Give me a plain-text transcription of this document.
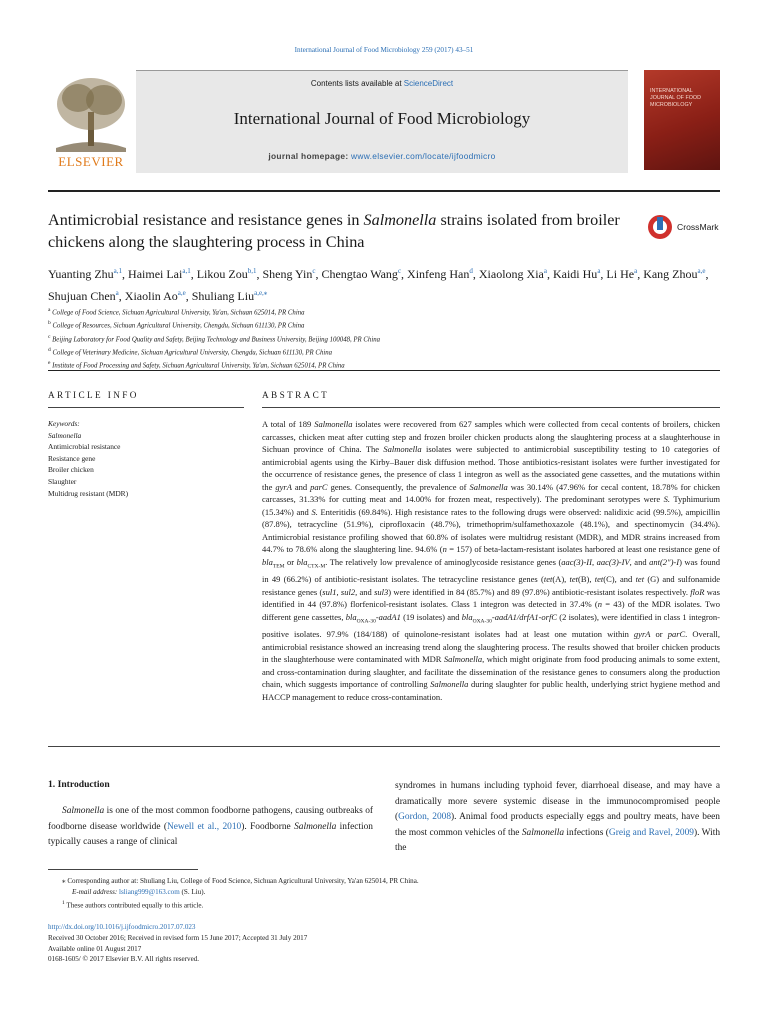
International Journal of Food Microbiology 259 (2017) 43–51
ELSEVIER
Contents lists available at ScienceDirect
International Journal of Food Microbiology
journal homepage: www.elsevier.com/locate/ijfoodmicro
INTERNATIONAL JOURNAL OF FOOD MICROBIOLOGY
Antimicrobial resistance and resistance genes in Salmonella strains isolated from broiler chickens along the slaughtering process in China
CrossMark
Yuanting Zhu$^{a,1}$, Haimei Lai$^{a,1}$, Likou Zou$^{b,1}$, Sheng Yin$^c$, Chengtao Wang$^c$, Xinfeng Han$^d$, Xiaolong Xia$^a$, Kaidi Hu$^a$, Li He$^a$, Kang Zhou$^{a,e}$, Shujuan Chen$^a$, Xiaolin Ao$^{a,e}$, Shuliang Liu$^{a,e,⁎}$
$^a$ College of Food Science, Sichuan Agricultural University, Ya'an, Sichuan 625014, PR China
$^b$ College of Resources, Sichuan Agricultural University, Chengdu, Sichuan 611130, PR China
$^c$ Beijing Laboratory for Food Quality and Safety, Beijing Technology and Business University, Beijing 100048, PR China
$^d$ College of Veterinary Medicine, Sichuan Agricultural University, Chengdu, Sichuan 611130, PR China
$^e$ Institute of Food Processing and Safety, Sichuan Agricultural University, Ya'an, Sichuan 625014, PR China
ARTICLE INFO
Keywords:
Salmonella
Antimicrobial resistance
Resistance gene
Broiler chicken
Slaughter
Multidrug resistant (MDR)
ABSTRACT
A total of 189 Salmonella isolates were recovered from 627 samples which were collected from cecal contents of broilers, chicken carcasses, chicken meat after cutting step and frozen broiler chicken products along the slaughtering process at a slaughterhouse in Sichuan province of China. The Salmonella isolates were subjected to antimicrobial susceptibility testing to 10 categories of antimicrobial agents using the Kirby–Bauer disk diffusion method. Those antibiotics-resistant isolates were further investigated for the occurrence of resistance genes, the presence of class 1 integron as well as the associated gene cassettes, and the mutations within the gyrA and parC genes. Consequently, the prevalence of Salmonella was 30.14% (47.96% for cecal content, 18.78% for chicken carcasses, 31.33% for cutting meat and 14.00% for frozen meat, respectively). The predominant serotypes were S. Typhimurium (15.34%) and S. Enteritidis (69.84%). High resistance rates to the following drugs were observed: nalidixic acid (99.5%), ampicillin (87.8%), tetracycline (51.9%), ciprofloxacin (48.7%), trimethoprim/sulfamethoxazole (48.1%), and spectinomycin (34.4%). Antimicrobial resistance profiling showed that 60.8% of isolates were multidrug resistant (MDR), and MDR strains increased from 44.7% to 78.6% along the slaughtering line. 94.6% (n = 157) of beta-lactam-resistant isolates harbored at least one resistance gene of bla$_{TEM}$ or bla$_{CTX-M}$. The relatively low prevalence of aminoglycoside resistance genes (aac(3)-II, aac(3)-IV, and ant(2″)-I) was found in 49 (66.2%) of antibiotic-resistant isolates. The tetracycline resistance genes (tet(A), tet(B), tet(C), and tet (G) and sulfonamide resistance genes (sul1, sul2, and sul3) were identified in 84 (85.7%) and 89 (97.8%) antibiotic-resistant isolates respectively. floR was identified in 44 (97.8%) florfenicol-resistant isolates. Class 1 integron was detected in 37.4% (n = 43) of the MDR isolates. Two different gene cassettes, bla$_{OXA-30}$-aadA1 (19 isolates) and bla$_{OXA-30}$-aadA1/drfA1-orfC (2 isolates), were identified in class 1 integron-positive isolates. 97.9% (184/188) of quinolone-resistant isolates had at least one mutation within gyrA or parC. Overall, antimicrobial resistance showed an increasing trend along the slaughtering process. The results showed that broiler chicken products in the slaughterhouse were contaminated with MDR Salmonella, which might originate from food producing animals to some extent, and cross-contamination during slaughter, and facilitate the dissemination of the resistance genes to consumers along the production chain, which suggests importance of controlling Salmonella during slaughter for public health, underlying strict hygiene method and HACCP management to reduce cross-contamination.
1. Introduction
Salmonella is one of the most common foodborne pathogens, causing outbreaks of foodborne disease worldwide (Newell et al., 2010). Foodborne Salmonella infection typically causes a range of clinical
syndromes in humans including typhoid fever, diarrhoeal disease, and may have a dramatically more severe systemic disease in the immunocompromised people (Gordon, 2008). Animal food products especially eggs and poultry meats, have been the most common vehicles of the Salmonella infections (Greig and Ravel, 2009). With the
⁎ Corresponding author at: Shuliang Liu, College of Food Science, Sichuan Agricultural University, Ya'an 625014, PR China.
E-mail address: lsliang999@163.com (S. Liu).
$^1$ These authors contributed equally to this article.
http://dx.doi.org/10.1016/j.ijfoodmicro.2017.07.023
Received 30 October 2016; Received in revised form 15 June 2017; Accepted 31 July 2017
Available online 01 August 2017
0168-1605/ © 2017 Elsevier B.V. All rights reserved.
